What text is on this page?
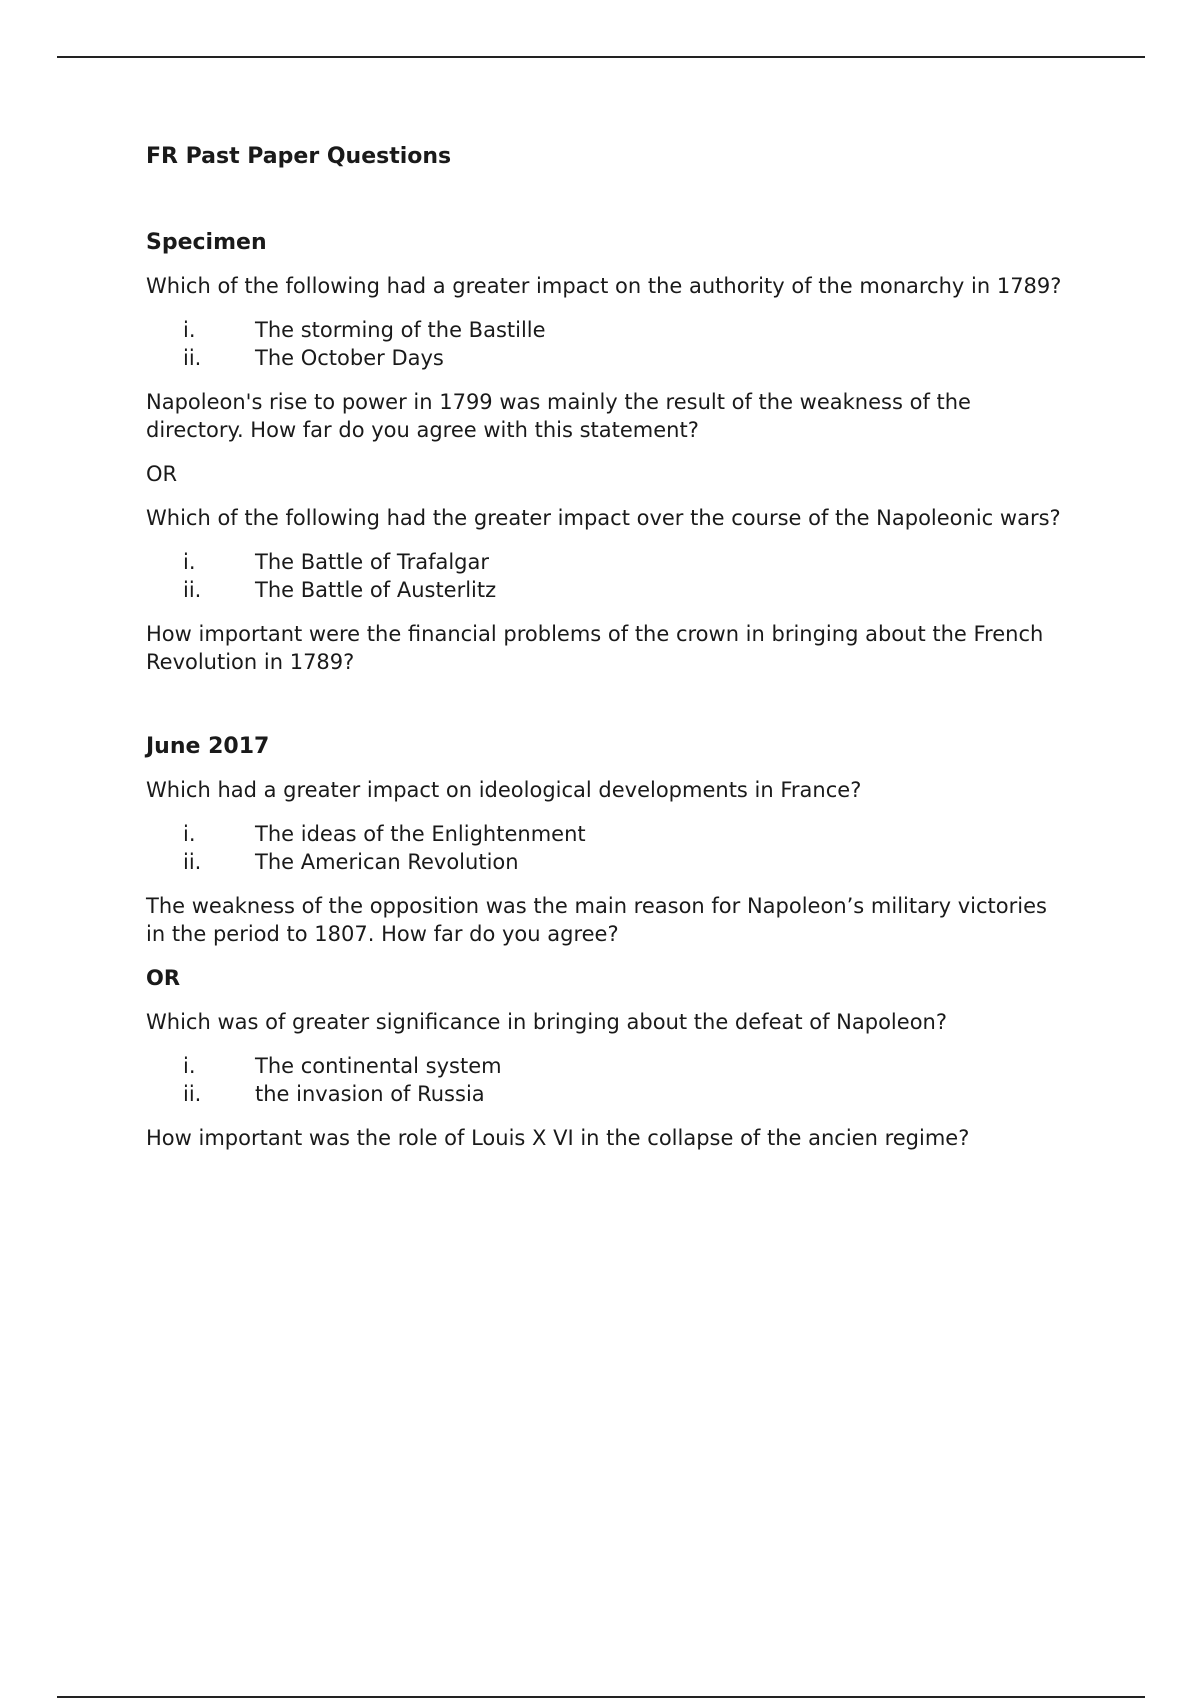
FR Past Paper Questions
Specimen

Which of the following had a greater impact on the authority of the monarchy in 1789?

i.	The storming of the Bastille
ii.	The October Days

Napoleon's rise to power in 1799 was mainly the result of the weakness of the directory. How far do you agree with this statement?

OR

Which of the following had the greater impact over the course of the Napoleonic wars?

i.	The Battle of Trafalgar
ii.	The Battle of Austerlitz

How important were the financial problems of the crown in bringing about the French Revolution in 1789?

June 2017

Which had a greater impact on ideological developments in France?

i.	The ideas of the Enlightenment
ii.	The American Revolution

The weakness of the opposition was the main reason for Napoleon’s military victories in the period to 1807. How far do you agree?

OR

Which was of greater significance in bringing about the defeat of Napoleon?

i.	The continental system
ii.	the invasion of Russia

How important was the role of Louis X VI in the collapse of the ancien regime?
